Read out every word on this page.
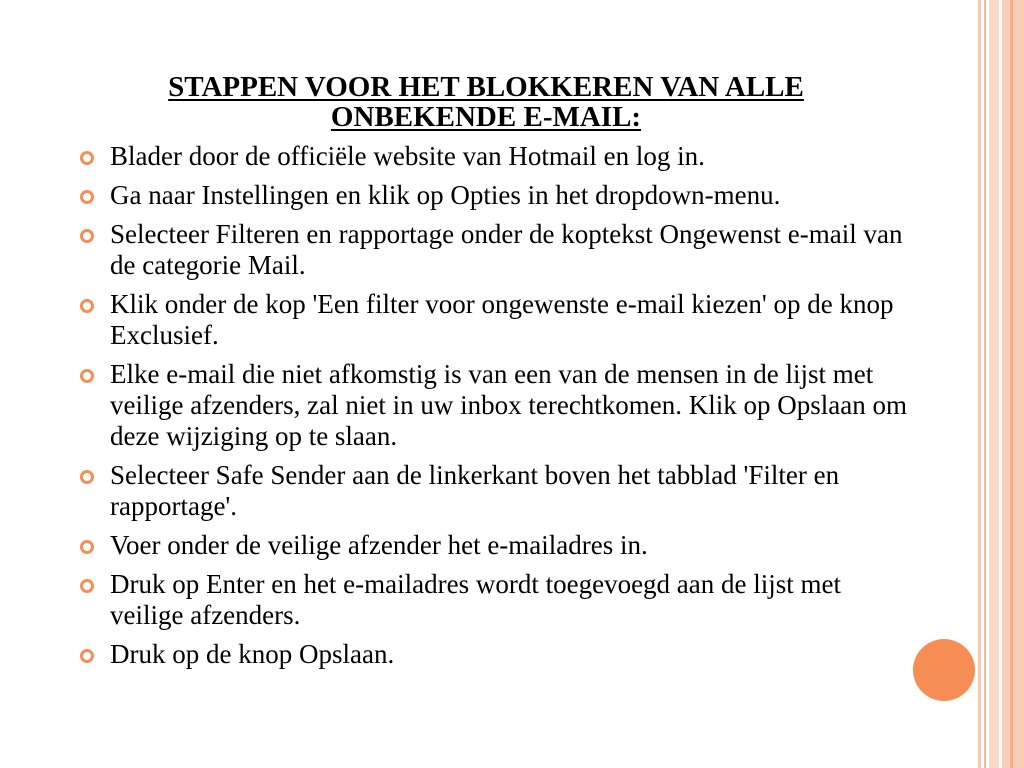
STAPPEN VOOR HET BLOKKEREN VAN ALLE
ONBEKENDE E-MAIL:
Blader door de officiële website van Hotmail en log in.
Ga naar Instellingen en klik op Opties in het dropdown-menu.
Selecteer Filteren en rapportage onder de koptekst Ongewenst e-mail van de categorie Mail.
Klik onder de kop 'Een filter voor ongewenste e-mail kiezen' op de knop Exclusief.
Elke e-mail die niet afkomstig is van een van de mensen in de lijst met veilige afzenders, zal niet in uw inbox terechtkomen. Klik op Opslaan om deze wijziging op te slaan.
Selecteer Safe Sender aan de linkerkant boven het tabblad 'Filter en rapportage'.
Voer onder de veilige afzender het e-mailadres in.
Druk op Enter en het e-mailadres wordt toegevoegd aan de lijst met veilige afzenders.
Druk op de knop Opslaan.
